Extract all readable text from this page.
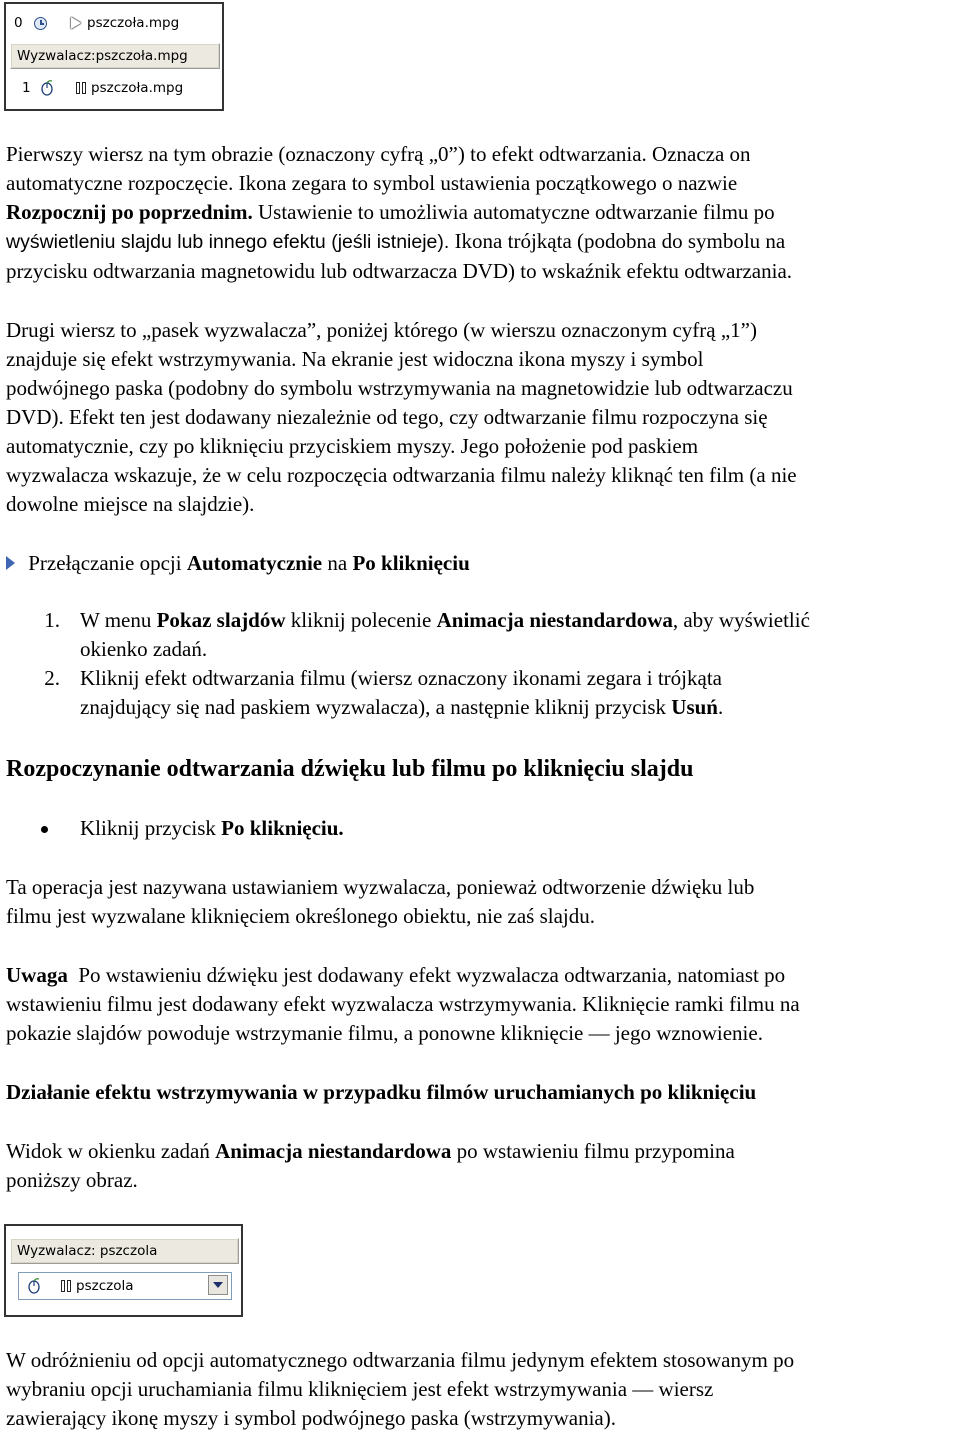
0	pszczoła.mpg
Wyzwalacz:pszczoła.mpg
1	pszczoła.mpg
Pierwszy wiersz na tym obrazie (oznaczony cyfrą „0”) to efekt odtwarzania. Oznacza on
automatyczne rozpoczęcie. Ikona zegara to symbol ustawienia początkowego o nazwie
Rozpocznij po poprzednim. Ustawienie to umożliwia automatyczne odtwarzanie filmu po
wyświetleniu slajdu lub innego efektu (jeśli istnieje). Ikona trójkąta (podobna do symbolu na
przycisku odtwarzania magnetowidu lub odtwarzacza DVD) to wskaźnik efektu odtwarzania.
Drugi wiersz to „pasek wyzwalacza”, poniżej którego (w wierszu oznaczonym cyfrą „1”)
znajduje się efekt wstrzymywania. Na ekranie jest widoczna ikona myszy i symbol
podwójnego paska (podobny do symbolu wstrzymywania na magnetowidzie lub odtwarzaczu
DVD). Efekt ten jest dodawany niezależnie od tego, czy odtwarzanie filmu rozpoczyna się
automatycznie, czy po kliknięciu przyciskiem myszy. Jego położenie pod paskiem
wyzwalacza wskazuje, że w celu rozpoczęcia odtwarzania filmu należy kliknąć ten film (a nie
dowolne miejsce na slajdzie).
Przełączanie opcji Automatycznie na Po kliknięciu
1. W menu Pokaz slajdów kliknij polecenie Animacja niestandardowa, aby wyświetlić
okienko zadań.
2. Kliknij efekt odtwarzania filmu (wiersz oznaczony ikonami zegara i trójkąta
znajdujący się nad paskiem wyzwalacza), a następnie kliknij przycisk Usuń.
Rozpoczynanie odtwarzania dźwięku lub filmu po kliknięciu slajdu
Kliknij przycisk Po kliknięciu.
Ta operacja jest nazywana ustawianiem wyzwalacza, ponieważ odtworzenie dźwięku lub
filmu jest wyzwalane kliknięciem określonego obiektu, nie zaś slajdu.
Uwaga  Po wstawieniu dźwięku jest dodawany efekt wyzwalacza odtwarzania, natomiast po
wstawieniu filmu jest dodawany efekt wyzwalacza wstrzymywania. Kliknięcie ramki filmu na
pokazie slajdów powoduje wstrzymanie filmu, a ponowne kliknięcie — jego wznowienie.
Działanie efektu wstrzymywania w przypadku filmów uruchamianych po kliknięciu
Widok w okienku zadań Animacja niestandardowa po wstawieniu filmu przypomina
poniższy obraz.
Wyzwalacz: pszczola
pszczola
W odróżnieniu od opcji automatycznego odtwarzania filmu jedynym efektem stosowanym po
wybraniu opcji uruchamiania filmu kliknięciem jest efekt wstrzymywania — wiersz
zawierający ikonę myszy i symbol podwójnego paska (wstrzymywania).
